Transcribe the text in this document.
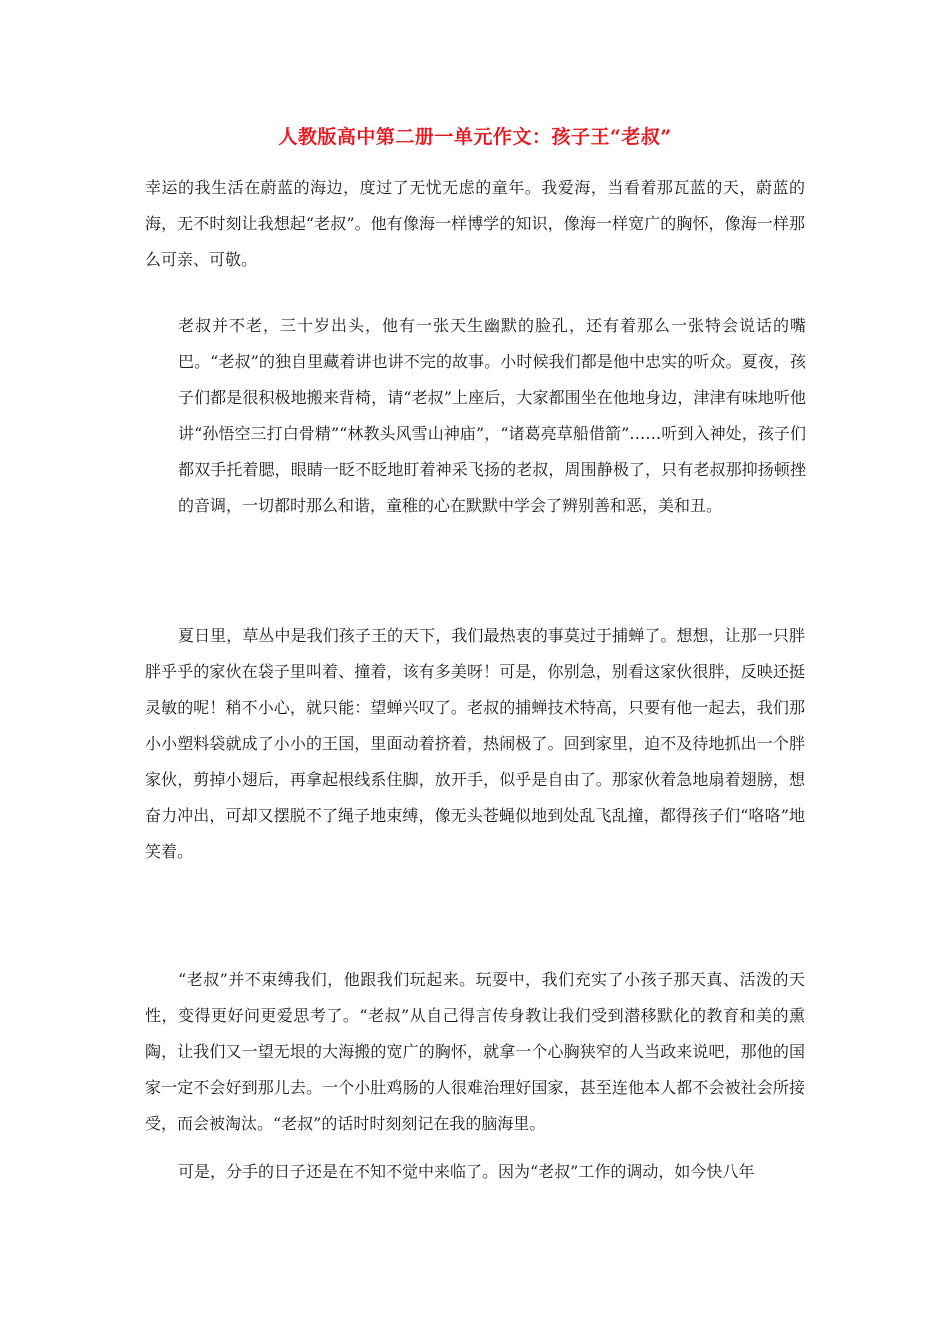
人教版高中第二册一单元作文：孩子王“老叔”

幸运的我生活在蔚蓝的海边，度过了无忧无虑的童年。我爱海，当看着那瓦蓝的天，蔚蓝的海，无不时刻让我想起“老叔”。他有像海一样博学的知识，像海一样宽广的胸怀，像海一样那么可亲、可敬。

老叔并不老，三十岁出头，他有一张天生幽默的脸孔，还有着那么一张特会说话的嘴巴。“老叔”的独自里藏着讲也讲不完的故事。小时候我们都是他中忠实的听众。夏夜，孩子们都是很积极地搬来背椅，请“老叔”上座后，大家都围坐在他地身边，津津有味地听他讲“孙悟空三打白骨精”“林教头风雪山神庙”，“诸葛亮草船借箭”……听到入神处，孩子们都双手托着腮，眼睛一眨不眨地盯着神采飞扬的老叔，周围静极了，只有老叔那抑扬顿挫的音调，一切都时那么和谐，童稚的心在默默中学会了辨别善和恶，美和丑。

夏日里，草丛中是我们孩子王的天下，我们最热衷的事莫过于捕蝉了。想想，让那一只胖胖乎乎的家伙在袋子里叫着、撞着，该有多美呀！可是，你别急，别看这家伙很胖，反映还挺灵敏的呢！稍不小心，就只能：望蝉兴叹了。老叔的捕蝉技术特高，只要有他一起去，我们那小小塑料袋就成了小小的王国，里面动着挤着，热闹极了。回到家里，迫不及待地抓出一个胖家伙，剪掉小翅后，再拿起根线系住脚，放开手，似乎是自由了。那家伙着急地扇着翅膀，想奋力冲出，可却又摆脱不了绳子地束缚，像无头苍蝇似地到处乱飞乱撞，都得孩子们“咯咯”地笑着。

“老叔”并不束缚我们，他跟我们玩起来。玩耍中，我们充实了小孩子那天真、活泼的天性，变得更好问更爱思考了。“老叔”从自己得言传身教让我们受到潜移默化的教育和美的熏陶，让我们又一望无垠的大海搬的宽广的胸怀，就拿一个心胸狭窄的人当政来说吧，那他的国家一定不会好到那儿去。一个小肚鸡肠的人很难治理好国家，甚至连他本人都不会被社会所接受，而会被淘汰。“老叔”的话时时刻刻记在我的脑海里。

可是，分手的日子还是在不知不觉中来临了。因为“老叔”工作的调动，如今快八年
